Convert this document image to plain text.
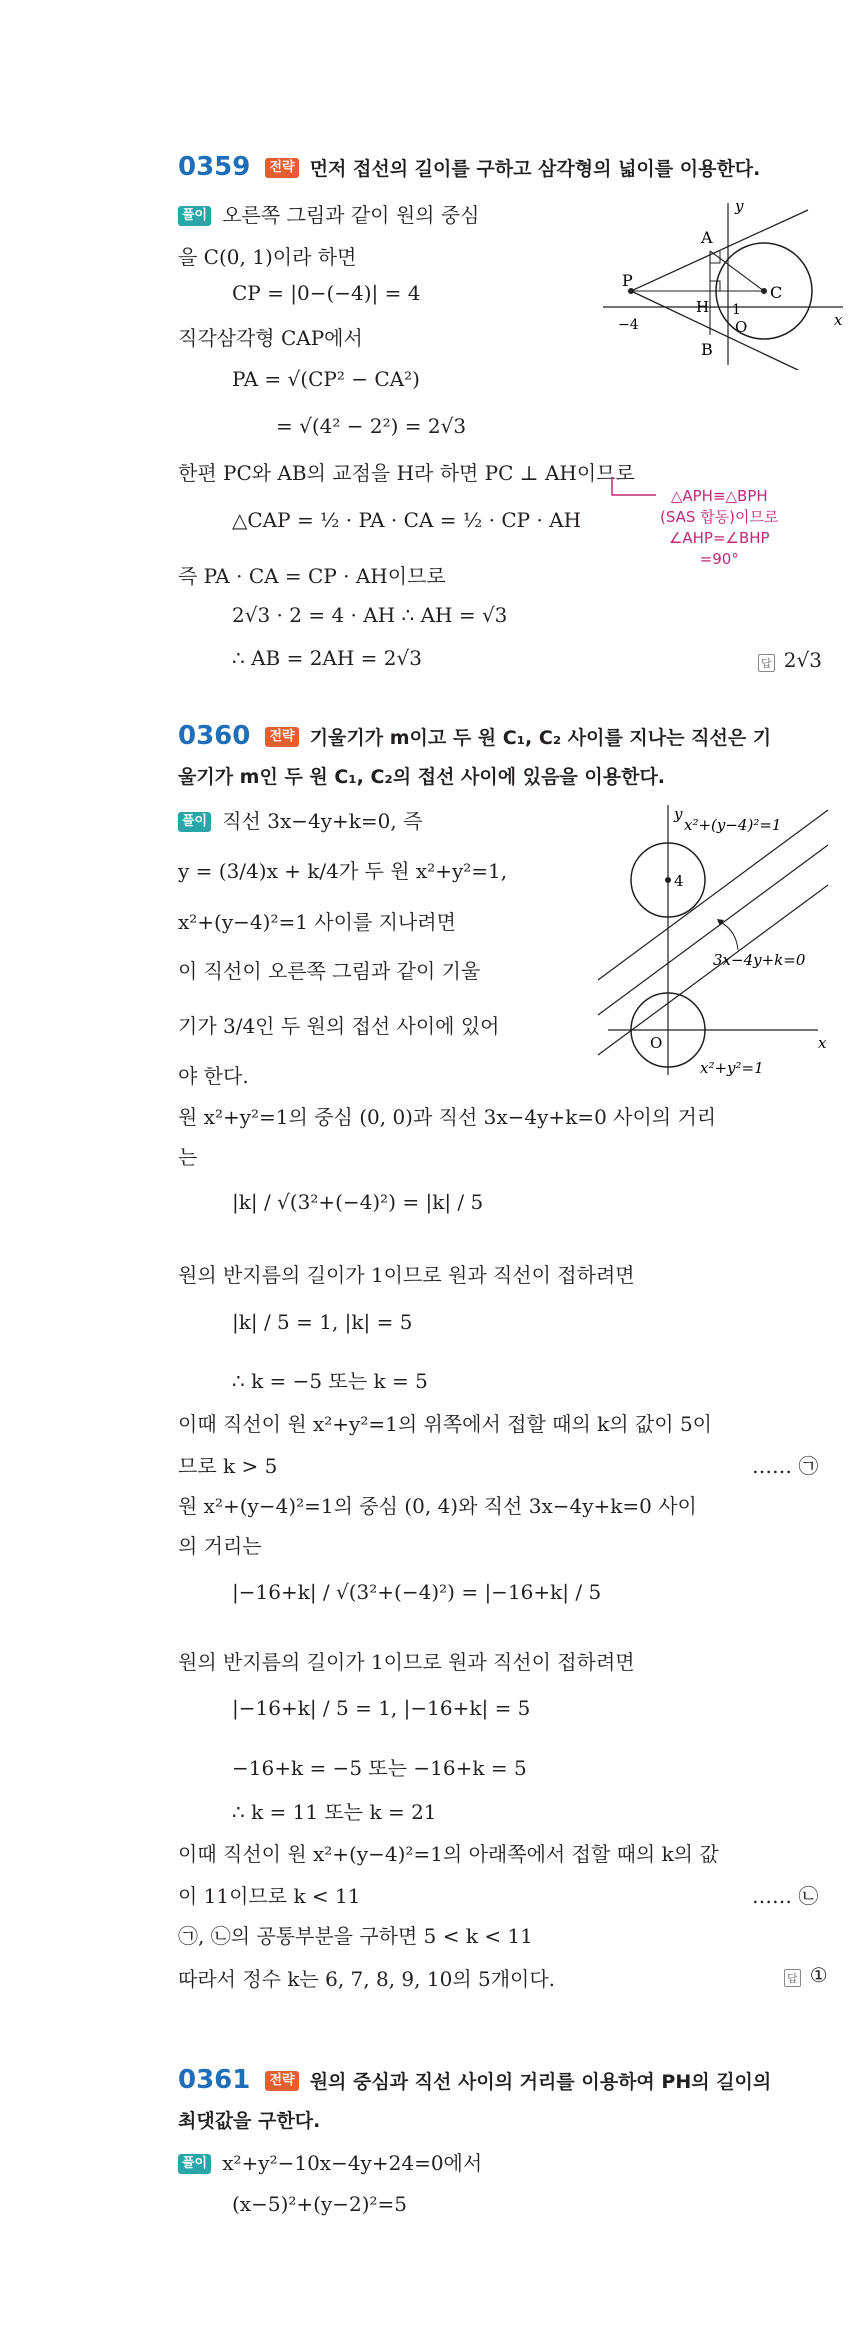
0359 전략 먼저 접선의 길이를 구하고 삼각형의 넓이를 이용한다.
풀이 오른쪽 그림과 같이 원의 중심
을 C(0, 1)이라 하면
CP = |0−(−4)| = 4
직각삼각형 CAP에서
PA = √(CP² − CA²)
= √(4² − 2²) = 2√3
한편 PC와 AB의 교점을 H라 하면 PC ⊥ AH이므로
△CAP = ½ · PA · CA = ½ · CP · AH
즉 PA · CA = CP · AH이므로
2√3 · 2 = 4 · AH ∴ AH = √3
∴ AB = 2AH = 2√3
△APH≡△BPH
(SAS 합동)이므로
∠AHP=∠BHP
=90°
답 2√3
y
x
A
P
C
H 1
O
B
−4
0360 전략 기울기가 m이고 두 원 C₁, C₂ 사이를 지나는 직선은 기
울기가 m인 두 원 C₁, C₂의 접선 사이에 있음을 이용한다.
풀이 직선 3x−4y+k=0, 즉
y = (3/4)x + k/4가 두 원 x²+y²=1,
x²+(y−4)²=1 사이를 지나려면
이 직선이 오른쪽 그림과 같이 기울
기가 3/4인 두 원의 접선 사이에 있어
야 한다.
원 x²+y²=1의 중심 (0, 0)과 직선 3x−4y+k=0 사이의 거리
는
|k| / √(3²+(−4)²) = |k| / 5
원의 반지름의 길이가 1이므로 원과 직선이 접하려면
|k| / 5 = 1, |k| = 5
∴ k = −5 또는 k = 5
이때 직선이 원 x²+y²=1의 위쪽에서 접할 때의 k의 값이 5이
므로 k > 5	…… ㉠
원 x²+(y−4)²=1의 중심 (0, 4)와 직선 3x−4y+k=0 사이
의 거리는
|−16+k| / √(3²+(−4)²) = |−16+k| / 5
원의 반지름의 길이가 1이므로 원과 직선이 접하려면
|−16+k| / 5 = 1, |−16+k| = 5
−16+k = −5 또는 −16+k = 5
∴ k = 11 또는 k = 21
이때 직선이 원 x²+(y−4)²=1의 아래쪽에서 접할 때의 k의 값
이 11이므로 k < 11	…… ㉡
㉠, ㉡의 공통부분을 구하면 5 < k < 11
따라서 정수 k는 6, 7, 8, 9, 10의 5개이다.	답 ①
y
x²+(y−4)²=1
4
3x−4y+k=0
O	x
x²+y²=1
0361 전략 원의 중심과 직선 사이의 거리를 이용하여 PH의 길이의
최댓값을 구한다.
풀이 x²+y²−10x−4y+24=0에서
(x−5)²+(y−2)²=5
